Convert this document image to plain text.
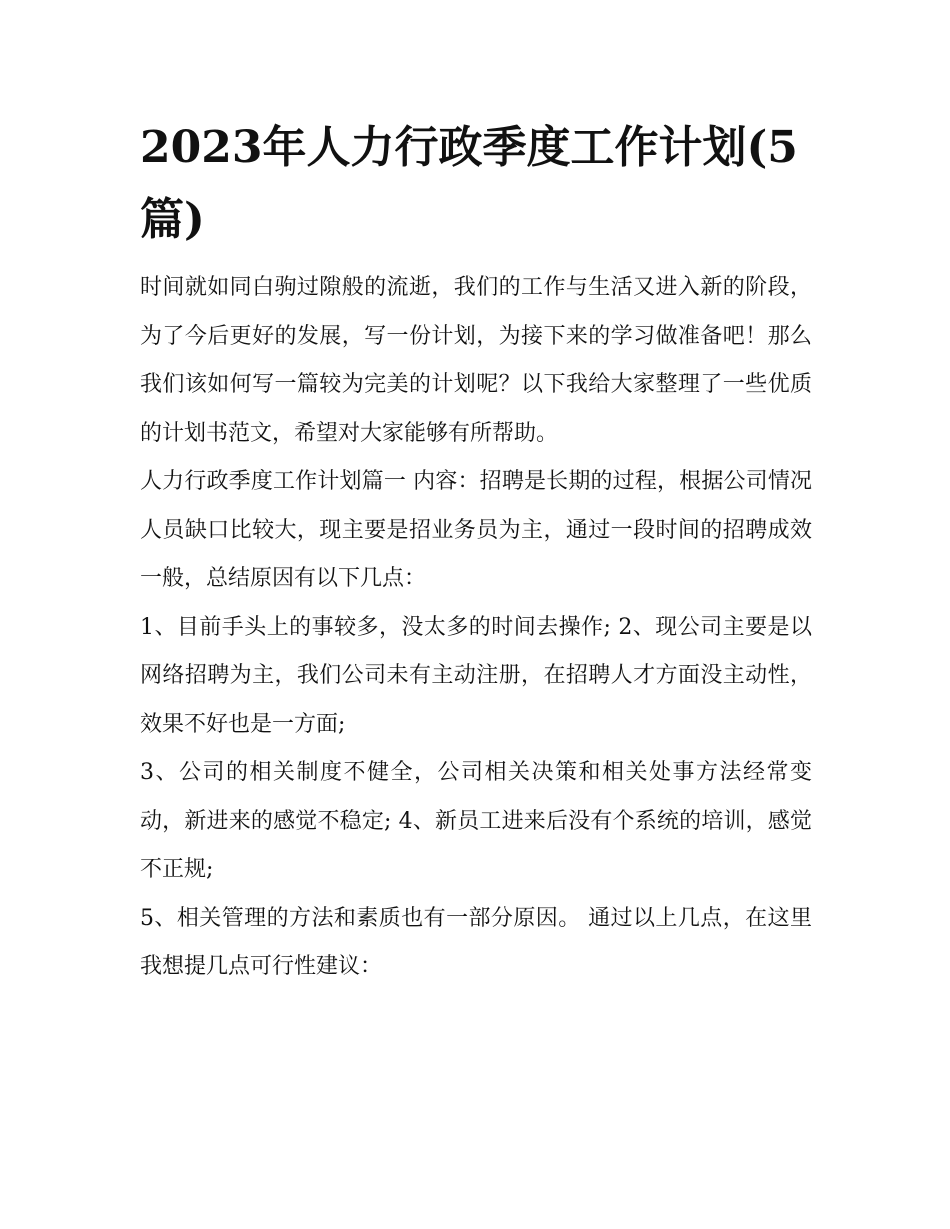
2023年人力行政季度工作计划(5篇)

时间就如同白驹过隙般的流逝，我们的工作与生活又进入新的阶段，为了今后更好的发展，写一份计划，为接下来的学习做准备吧！那么我们该如何写一篇较为完美的计划呢？以下我给大家整理了一些优质的计划书范文，希望对大家能够有所帮助。

人力行政季度工作计划篇一 内容：招聘是长期的过程，根据公司情况人员缺口比较大，现主要是招业务员为主，通过一段时间的招聘成效一般，总结原因有以下几点：

1、目前手头上的事较多，没太多的时间去操作; 2、现公司主要是以网络招聘为主，我们公司未有主动注册，在招聘人才方面没主动性，效果不好也是一方面;

3、公司的相关制度不健全，公司相关决策和相关处事方法经常变动，新进来的感觉不稳定; 4、新员工进来后没有个系统的培训，感觉不正规;

5、相关管理的方法和素质也有一部分原因。 通过以上几点，在这里我想提几点可行性建议：
